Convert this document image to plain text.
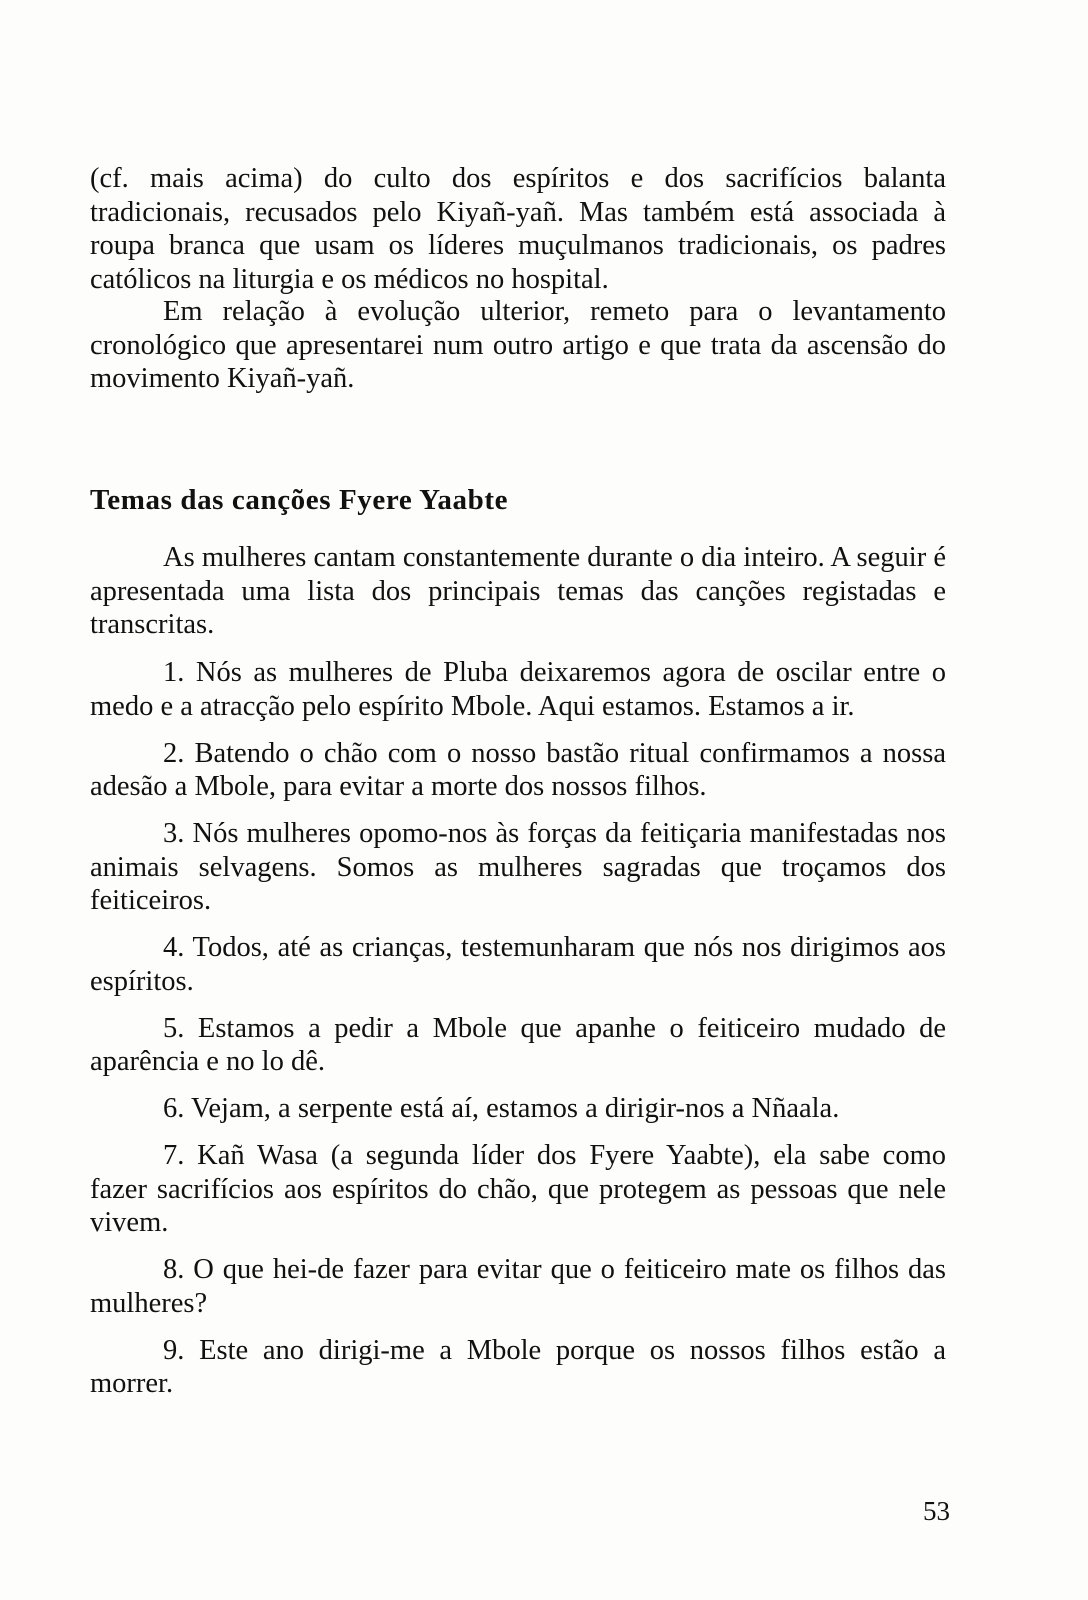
(cf. mais acima) do culto dos espíritos e dos sacrifícios balanta tradicionais, recusados pelo Kiyañ-yañ. Mas também está associada à roupa branca que usam os líderes muçulmanos tradicionais, os padres católicos na liturgia e os médicos no hospital.

Em relação à evolução ulterior, remeto para o levantamento cronológico que apresentarei num outro artigo e que trata da ascensão do movimento Kiyañ-yañ.

Temas das canções Fyere Yaabte

As mulheres cantam constantemente durante o dia inteiro. A seguir é apresentada uma lista dos principais temas das canções registadas e transcritas.

1. Nós as mulheres de Pluba deixaremos agora de oscilar entre o medo e a atracção pelo espírito Mbole. Aqui estamos. Estamos a ir.
2. Batendo o chão com o nosso bastão ritual confirmamos a nossa adesão a Mbole, para evitar a morte dos nossos filhos.
3. Nós mulheres opomo-nos às forças da feitiçaria manifestadas nos animais selvagens. Somos as mulheres sagradas que troçamos dos feiticeiros.
4. Todos, até as crianças, testemunharam que nós nos dirigimos aos espíritos.
5. Estamos a pedir a Mbole que apanhe o feiticeiro mudado de aparência e no lo dê.
6. Vejam, a serpente está aí, estamos a dirigir-nos a Nñaala.
7. Kañ Wasa (a segunda líder dos Fyere Yaabte), ela sabe como fazer sacrifícios aos espíritos do chão, que protegem as pessoas que nele vivem.
8. O que hei-de fazer para evitar que o feiticeiro mate os filhos das mulheres?
9. Este ano dirigi-me a Mbole porque os nossos filhos estão a morrer.

53
